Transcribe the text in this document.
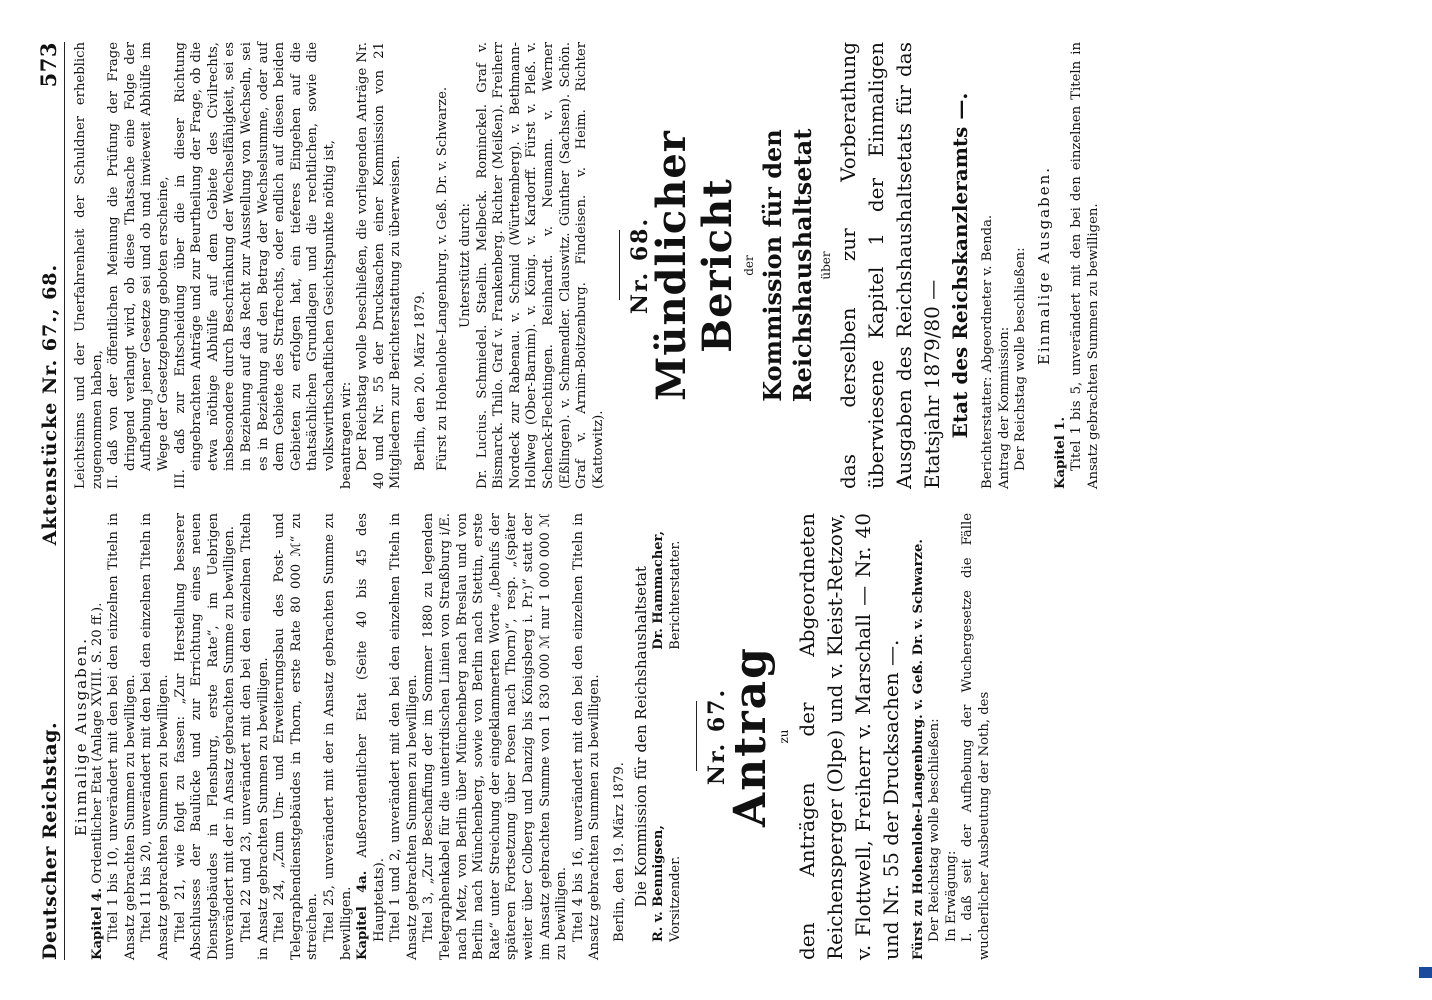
Deutscher Reichstag.
Aktenstücke Nr. 67., 68.
573

Einmalige Ausgaben.

Kapitel 4. Ordentlicher Etat (Anlage XVIII. S. 20 ff.). Titel 1 bis 10, unverändert mit den bei den einzelnen Titeln in Ansatz gebrachten Summen zu bewilligen. Titel 11 bis 20, unverändert mit den bei den einzelnen Titeln in Ansatz gebrachten Summen zu bewilligen. Titel 21, wie folgt zu fassen: „Zur Herstellung besserer Abschlusses der Baulücke und zur Errichtung eines neuen Dienstgebäudes in Flensburg, erste Rate“, im Uebrigen unverändert mit der in Ansatz gebrachten Summe zu bewilligen. Titel 22 und 23, unverändert mit den bei den einzelnen Titeln in Ansatz gebrachten Summen zu bewilligen. Titel 24, „Zum Um- und Erweiterungsbau des Post- und Telegraphendienstgebäudes in Thorn, erste Rate 80 000 ℳ“ zu streichen. Titel 25, unverändert mit der in Ansatz gebrachten Summe zu bewilligen. Kapitel 4a. Außerordentlicher Etat (Seite 40 bis 45 des Hauptetats). Titel 1 und 2, unverändert mit den bei den einzelnen Titeln in Ansatz gebrachten Summen zu bewilligen. Titel 3, „Zur Beschaffung der im Sommer 1880 zu legenden Telegraphenkabel für die unterirdischen Linien von Straßburg i/E. nach Metz, von Berlin über Münchenberg nach Breslau und von Berlin nach Münchenberg, sowie von Berlin nach Stettin, erste Rate“ unter Streichung der eingeklammerten Worte „(behufs der späteren Fortsetzung über Posen nach Thorn)“, resp. „(später weiter über Colberg und Danzig bis Königsberg i. Pr.)“ statt der im Ansatz gebrachten Summe von 1 830 000 ℳ nur 1 000 000 ℳ zu bewilligen. Titel 4 bis 16, unverändert mit den bei den einzelnen Titeln in Ansatz gebrachten Summen zu bewilligen. Berlin, den 19. März 1879. Die Kommission für den Reichshaushaltsetat R. v. Bennigsen, Vorsitzender.
Dr. Hammacher, Berichterstatter.

Nr. 67.

Antrag zu den Anträgen der Abgeordneten Reichensperger (Olpe) und v. Kleist-Retzow, v. Flottwell, Freiherr v. Marschall — Nr. 40 und Nr. 55 der Drucksachen —. Fürst zu Hohenlohe-Langenburg. v. Geß. Dr. v. Schwarze. Der Reichstag wolle beschließen: In Erwägung: I. daß seit der Aufhebung der Wuchergesetze die Fälle wucherlicher Ausbeutung der Noth, des

Leichtsinns und der Unerfahrenheit der Schuldner erheblich zugenommen haben, II. daß von der öffentlichen Meinung die Prüfung der Frage dringend verlangt wird, ob diese Thatsache eine Folge der Aufhebung jener Gesetze sei und ob und inwieweit Abhülfe im Wege der Gesetzgebung geboten erscheine, III. daß zur Entscheidung über die in dieser Richtung eingebrachten Anträge und zur Beurtheilung der Frage, ob die etwa nöthige Abhülfe auf dem Gebiete des Civilrechts, insbesondere durch Beschränkung der Wechselfähigkeit, sei es in Beziehung auf das Recht zur Ausstellung von Wechseln, sei es in Beziehung auf den Betrag der Wechselsumme, oder auf dem Gebiete des Strafrechts, oder endlich auf diesen beiden Gebieten zu erfolgen hat, ein tieferes Eingehen auf die thatsächlichen Grundlagen und die rechtlichen, sowie die volkswirthschaftlichen Gesichtspunkte nöthig ist, beantragen wir: Der Reichstag wolle beschließen, die vorliegenden Anträge Nr. 40 und Nr. 55 der Drucksachen einer Kommission von 21 Mitgliedern zur Berichterstattung zu überweisen. Berlin, den 20. März 1879. Fürst zu Hohenlohe-Langenburg. v. Geß. Dr. v. Schwarze. Unterstützt durch: Dr. Lucius. Schmiedel. Staelin. Melbeck. Rominckel. Graf v. Bismarck. Thilo. Graf v. Frankenberg. Richter (Meißen). Freiherr Nordeck zur Rabenau. v. Schmid (Württemberg). v. Bethmann-Hollweg (Ober-Barnim). v. König. v. Kardorff. Fürst v. Pleß. v. Schenck-Flechtingen. Reinhardt. v. Neumann. v. Werner (Eßlingen). v. Schmendler. Clauswitz. Günther (Sachsen). Schön. Graf v. Arnim-Boitzenburg. Findeisen. v. Heim. Richter (Kattowitz).

Nr. 68.

Mündlicher Bericht der Kommission für den Reichshaushaltsetat über das derselben zur Vorberathung überwiesene Kapitel 1 der Einmaligen Ausgaben des Reichshaushaltsetats für das Etatsjahr 1879/80 — Etat des Reichskanzleramts —. Berichterstatter: Abgeordneter v. Benda. Antrag der Kommission: Der Reichstag wolle beschließen: Einmalige Ausgaben.

Kapitel 1. Titel 1 bis 5, unverändert mit den bei den einzelnen Titeln in Ansatz gebrachten Summen zu bewilligen.
